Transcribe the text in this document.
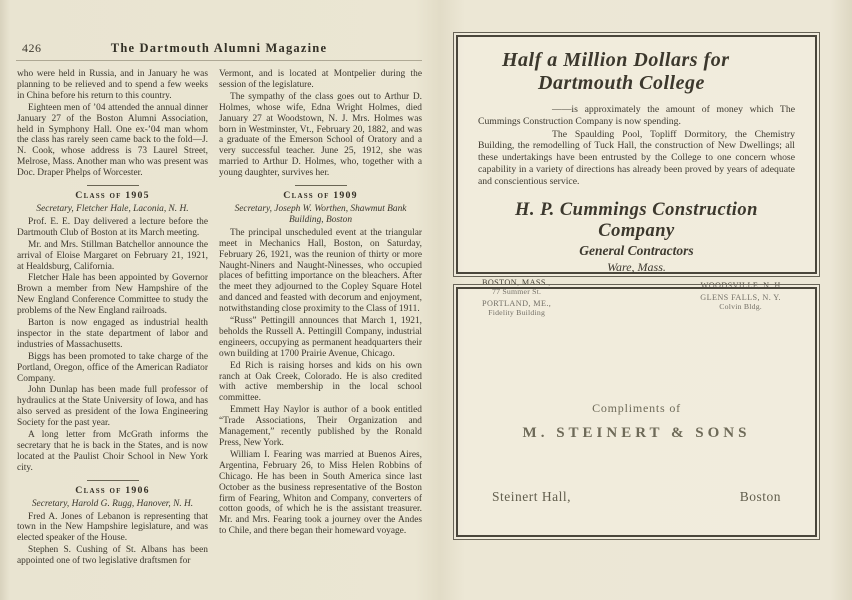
426	The Dartmouth Alumni Magazine

who were held in Russia, and in January he was planning to be relieved and to spend a few weeks in China before his return to this country.

Eighteen men of ’04 attended the annual dinner January 27 of the Boston Alumni Association, held in Symphony Hall. One ex-’04 man whom the class has rarely seen came back to the fold—J. N. Cook, whose address is 73 Laurel Street, Melrose, Mass. Another man who was present was Doc. Draper Phelps of Worcester.

Class of 1905

Secretary, Fletcher Hale, Laconia, N. H.

Prof. E. E. Day delivered a lecture before the Dartmouth Club of Boston at its March meeting.

Mr. and Mrs. Stillman Batchellor announce the arrival of Eloise Margaret on February 21, 1921, at Healdsburg, California.

Fletcher Hale has been appointed by Governor Brown a member from New Hampshire of the New England Conference Committee to study the problems of the New England railroads.

Barton is now engaged as industrial health inspector in the state department of labor and industries of Massachusetts.

Biggs has been promoted to take charge of the Portland, Oregon, office of the American Radiator Company.

John Dunlap has been made full professor of hydraulics at the State University of Iowa, and has also served as president of the Iowa Engineering Society for the past year.

A long letter from McGrath informs the secretary that he is back in the States, and is now located at the Paulist Choir School in New York city.

Class of 1906

Secretary, Harold G. Rugg, Hanover, N. H.

Fred A. Jones of Lebanon is representing that town in the New Hampshire legislature, and was elected speaker of the House.

Stephen S. Cushing of St. Albans has been appointed one of two legislative draftsmen for

Vermont, and is located at Montpelier during the session of the legislature.

The sympathy of the class goes out to Arthur D. Holmes, whose wife, Edna Wright Holmes, died January 27 at Woodstown, N. J. Mrs. Holmes was born in Westminster, Vt., February 20, 1882, and was a graduate of the Emerson School of Oratory and a very successful teacher. June 25, 1912, she was married to Arthur D. Holmes, who, together with a young daughter, survives her.

Class of 1909

Secretary, Joseph W. Worthen, Shawmut Bank Building, Boston

The principal unscheduled event at the triangular meet in Mechanics Hall, Boston, on Saturday, February 26, 1921, was the reunion of thirty or more Naught-Niners and Naught-Ninesses, who occupied places of befitting importance on the bleachers. After the meet they adjourned to the Copley Square Hotel and danced and feasted with decorum and enjoyment, notwithstanding close proximity to the Class of 1911.

“Russ” Pettingill announces that March 1, 1921, beholds the Russell A. Pettingill Company, industrial engineers, occupying as permanent headquarters their own building at 1700 Prairie Avenue, Chicago.

Ed Rich is raising horses and kids on his own ranch at Oak Creek, Colorado. He is also credited with active membership in the local school committee.

Emmett Hay Naylor is author of a book entitled “Trade Associations, Their Organization and Management,” recently published by the Ronald Press, New York.

William I. Fearing was married at Buenos Aires, Argentina, February 26, to Miss Helen Robbins of Chicago. He has been in South America since last October as the business representative of the Boston firm of Fearing, Whiton and Company, converters of cotton goods, of which he is the assistant treasurer. Mr. and Mrs. Fearing took a journey over the Andes to Chile, and there began their homeward voyage.

Half a Million Dollars for
Dartmouth College

——is approximately the amount of money which The Cummings Construction Company is now spending.

The Spaulding Pool, Topliff Dormitory, the Chemistry Building, the remodelling of Tuck Hall, the construction of New Dwellings; all these undertakings have been entrusted by the College to one concern whose capability in a variety of directions has already been proved by years of adequate and conscientious service.

H. P. Cummings Construction Company
General Contractors
Ware, Mass.
BOSTON, MASS.,
77 Summer St.
PORTLAND, ME.,
Fidelity Building
WOODSVILLE, N. H
GLENS FALLS, N. Y.
Colvin Bldg.
Compliments of
M. STEINERT & SONS
Steinert Hall,	Boston
